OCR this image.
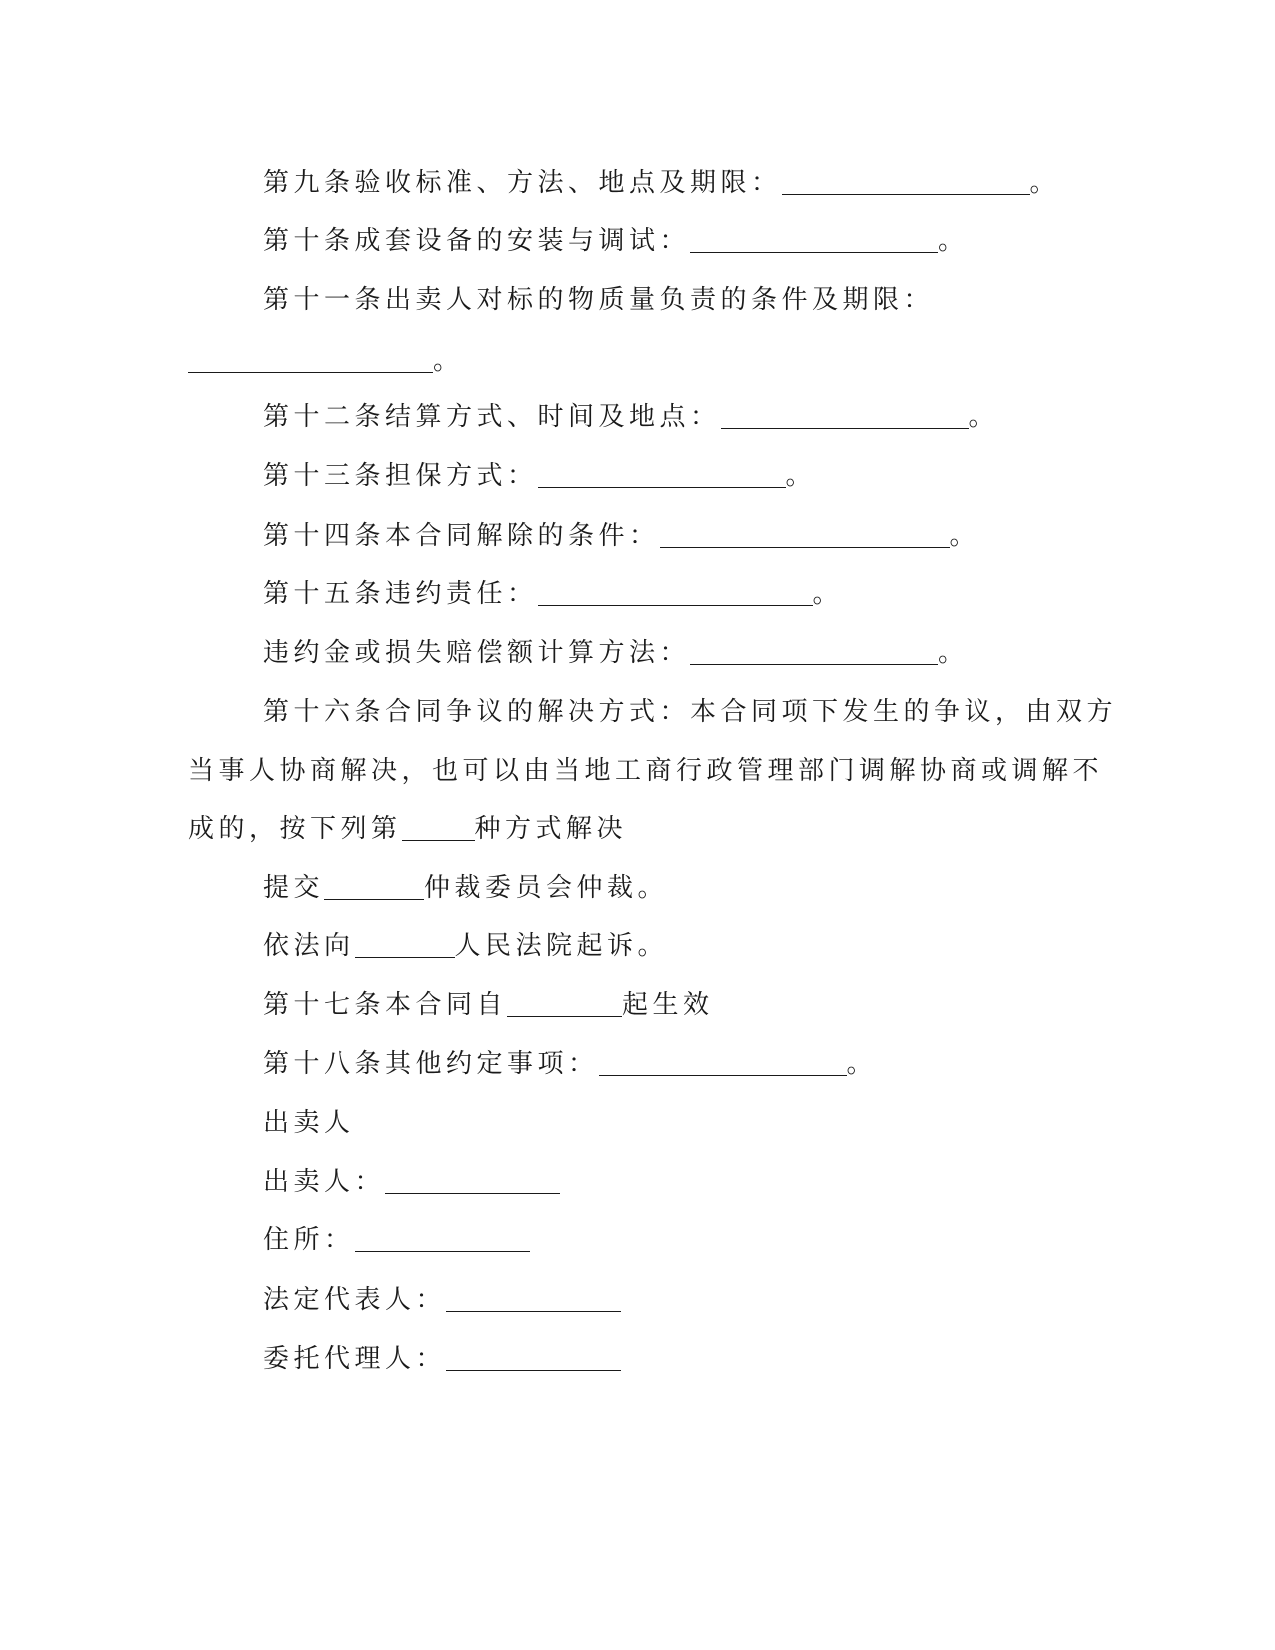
第九条验收标准、方法、地点及期限：	。
第十条成套设备的安装与调试：	。
第十一条出卖人对标的物质量负责的条件及期限：
。
第十二条结算方式、时间及地点：	。
第十三条担保方式：	。
第十四条本合同解除的条件：	。
第十五条违约责任：	。
违约金或损失赔偿额计算方法：	。
第十六条合同争议的解决方式：本合同项下发生的争议，由双方
当事人协商解决，也可以由当地工商行政管理部门调解协商或调解不
成的，按下列第	种方式解决
提交	仲裁委员会仲裁。
依法向	人民法院起诉。
第十七条本合同自	起生效
第十八条其他约定事项：	。
出卖人
出卖人：
住所：
法定代表人：
委托代理人：
